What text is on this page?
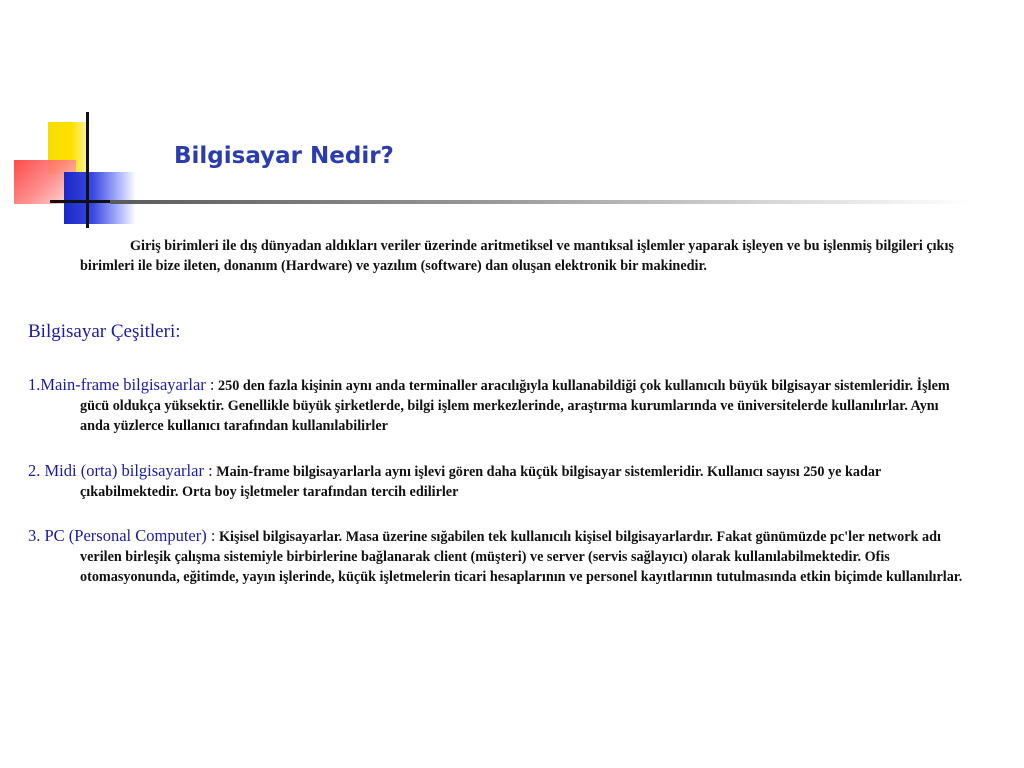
Bilgisayar Nedir?

Giriş birimleri ile dış dünyadan aldıkları veriler üzerinde aritmetiksel ve mantıksal işlemler yaparak işleyen ve bu işlenmiş bilgileri çıkış birimleri ile bize ileten, donanım (Hardware) ve yazılım (software) dan oluşan elektronik bir makinedir.

Bilgisayar Çeşitleri:

1.Main-frame bilgisayarlar : 250 den fazla kişinin aynı anda terminaller aracılığıyla kullanabildiği çok kullanıcılı büyük bilgisayar sistemleridir. İşlem gücü oldukça yüksektir. Genellikle büyük şirketlerde, bilgi işlem merkezlerinde, araştırma kurumlarında ve üniversitelerde kullanılırlar. Aynı anda yüzlerce kullanıcı tarafından kullanılabilirler

2. Midi (orta) bilgisayarlar : Main-frame bilgisayarlarla aynı işlevi gören daha küçük bilgisayar sistemleridir. Kullanıcı sayısı 250 ye kadar çıkabilmektedir. Orta boy işletmeler tarafından tercih edilirler

3. PC (Personal Computer) : Kişisel bilgisayarlar. Masa üzerine sığabilen tek kullanıcılı kişisel bilgisayarlardır. Fakat günümüzde pc'ler network adı verilen birleşik çalışma sistemiyle birbirlerine bağlanarak client (müşteri) ve server (servis sağlayıcı) olarak kullanılabilmektedir. Ofis otomasyonunda, eğitimde, yayın işlerinde, küçük işletmelerin ticari hesaplarının ve personel kayıtlarının tutulmasında etkin biçimde kullanılırlar.
